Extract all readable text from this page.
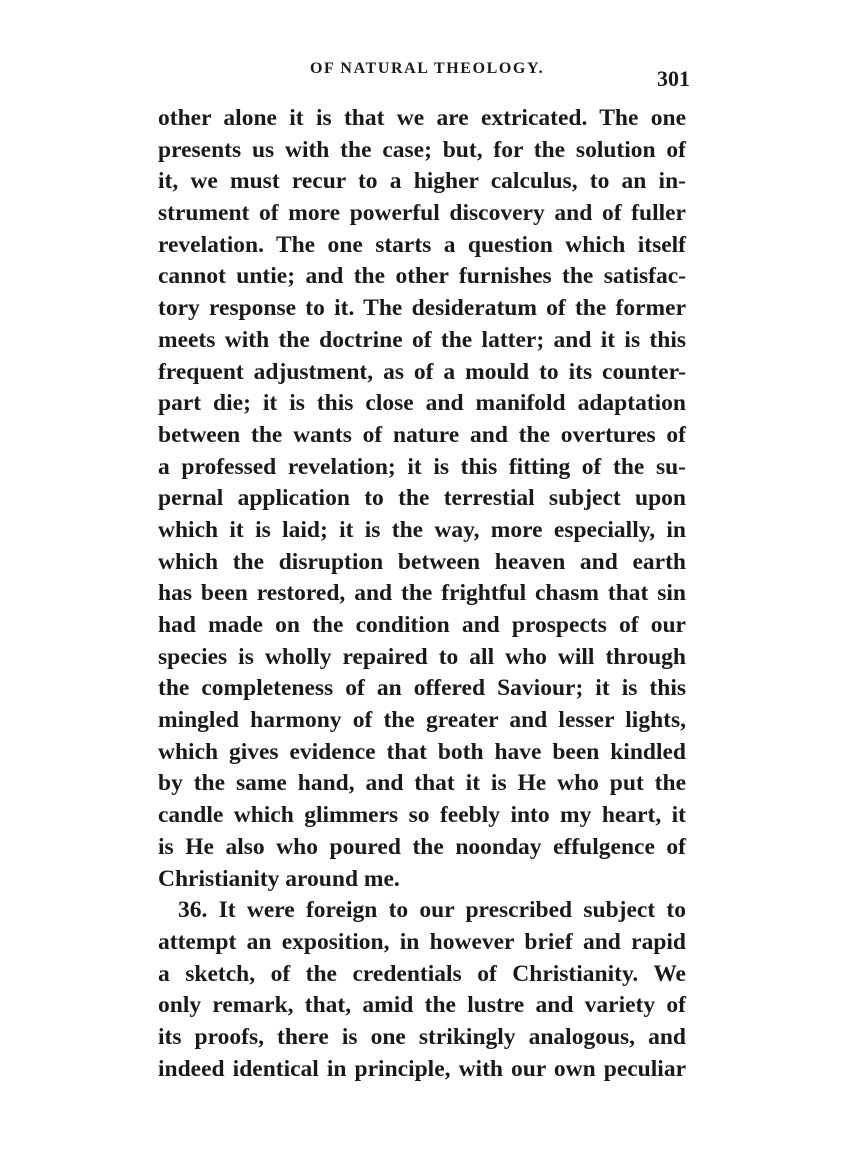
OF NATURAL THEOLOGY.	301
other alone it is that we are extricated. The one
presents us with the case; but, for the solution of
it, we must recur to a higher calculus, to an in-
strument of more powerful discovery and of fuller
revelation. The one starts a question which itself
cannot untie; and the other furnishes the satisfac-
tory response to it. The desideratum of the former
meets with the doctrine of the latter; and it is this
frequent adjustment, as of a mould to its counter-
part die; it is this close and manifold adaptation
between the wants of nature and the overtures of
a professed revelation; it is this fitting of the su-
pernal application to the terrestial subject upon
which it is laid; it is the way, more especially, in
which the disruption between heaven and earth
has been restored, and the frightful chasm that sin
had made on the condition and prospects of our
species is wholly repaired to all who will through
the completeness of an offered Saviour; it is this
mingled harmony of the greater and lesser lights,
which gives evidence that both have been kindled
by the same hand, and that it is He who put the
candle which glimmers so feebly into my heart, it
is He also who poured the noonday effulgence of
Christianity around me.
36. It were foreign to our prescribed subject to
attempt an exposition, in however brief and rapid
a sketch, of the credentials of Christianity. We
only remark, that, amid the lustre and variety of
its proofs, there is one strikingly analogous, and
indeed identical in principle, with our own peculiar
